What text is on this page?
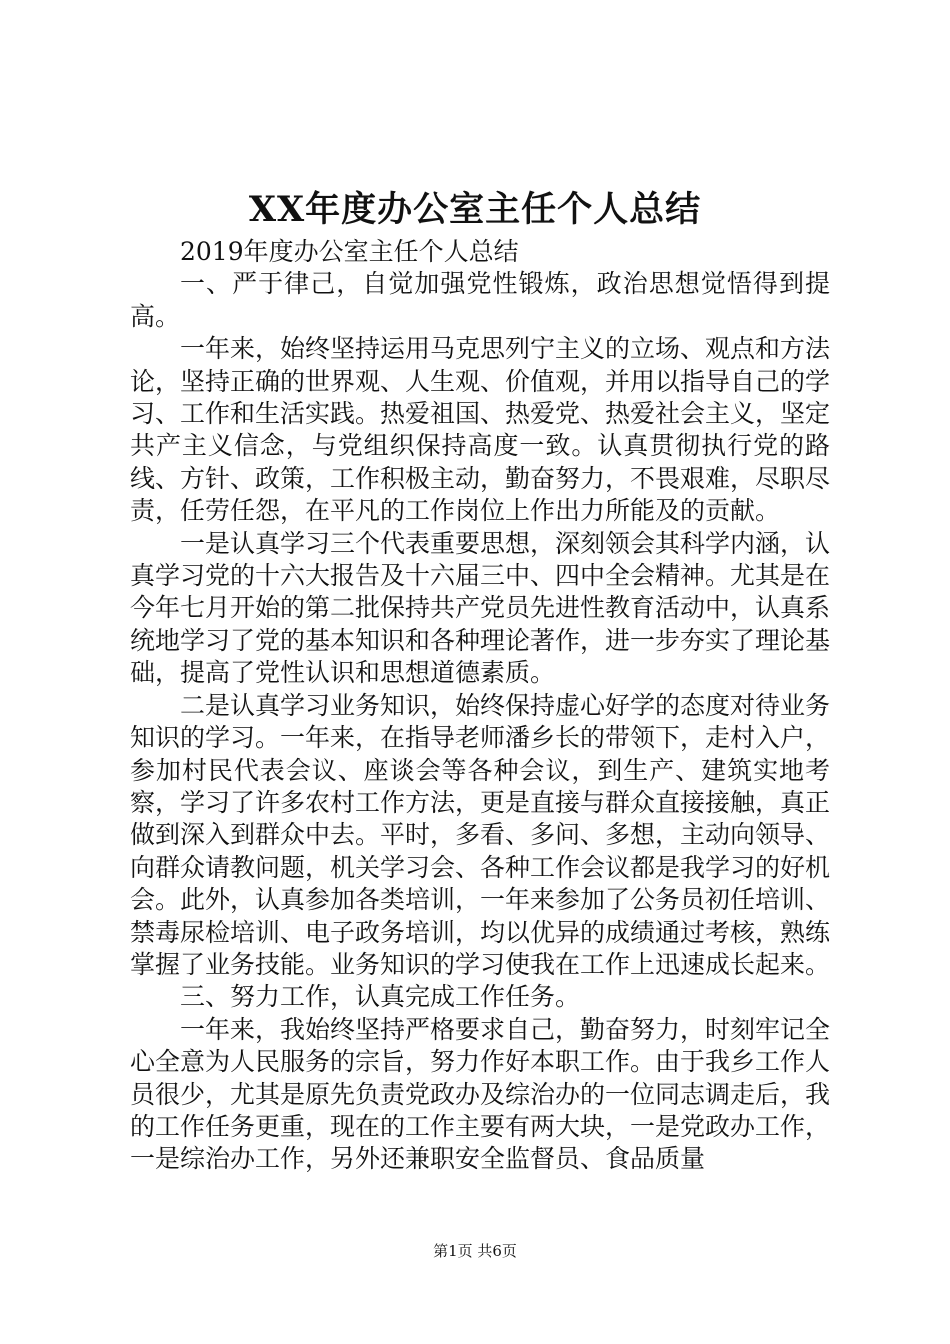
XX年度办公室主任个人总结

2019年度办公室主任个人总结

一、严于律己，自觉加强党性锻炼，政治思想觉悟得到提高。

一年来，始终坚持运用马克思列宁主义的立场、观点和方法论，坚持正确的世界观、人生观、价值观，并用以指导自己的学习、工作和生活实践。热爱祖国、热爱党、热爱社会主义，坚定共产主义信念，与党组织保持高度一致。认真贯彻执行党的路线、方针、政策，工作积极主动，勤奋努力，不畏艰难，尽职尽责，任劳任怨，在平凡的工作岗位上作出力所能及的贡献。

一是认真学习三个代表重要思想，深刻领会其科学内涵，认真学习党的十六大报告及十六届三中、四中全会精神。尤其是在今年七月开始的第二批保持共产党员先进性教育活动中，认真系统地学习了党的基本知识和各种理论著作，进一步夯实了理论基础，提高了党性认识和思想道德素质。

二是认真学习业务知识，始终保持虚心好学的态度对待业务知识的学习。一年来，在指导老师潘乡长的带领下，走村入户，参加村民代表会议、座谈会等各种会议，到生产、建筑实地考察，学习了许多农村工作方法，更是直接与群众直接接触，真正做到深入到群众中去。平时，多看、多问、多想，主动向领导、向群众请教问题，机关学习会、各种工作会议都是我学习的好机会。此外，认真参加各类培训，一年来参加了公务员初任培训、禁毒尿检培训、电子政务培训，均以优异的成绩通过考核，熟练掌握了业务技能。业务知识的学习使我在工作上迅速成长起来。

三、努力工作，认真完成工作任务。

一年来，我始终坚持严格要求自己，勤奋努力，时刻牢记全心全意为人民服务的宗旨，努力作好本职工作。由于我乡工作人员很少，尤其是原先负责党政办及综治办的一位同志调走后，我的工作任务更重，现在的工作主要有两大块，一是党政办工作，一是综治办工作，另外还兼职安全监督员、食品质量

第1页 共6页
